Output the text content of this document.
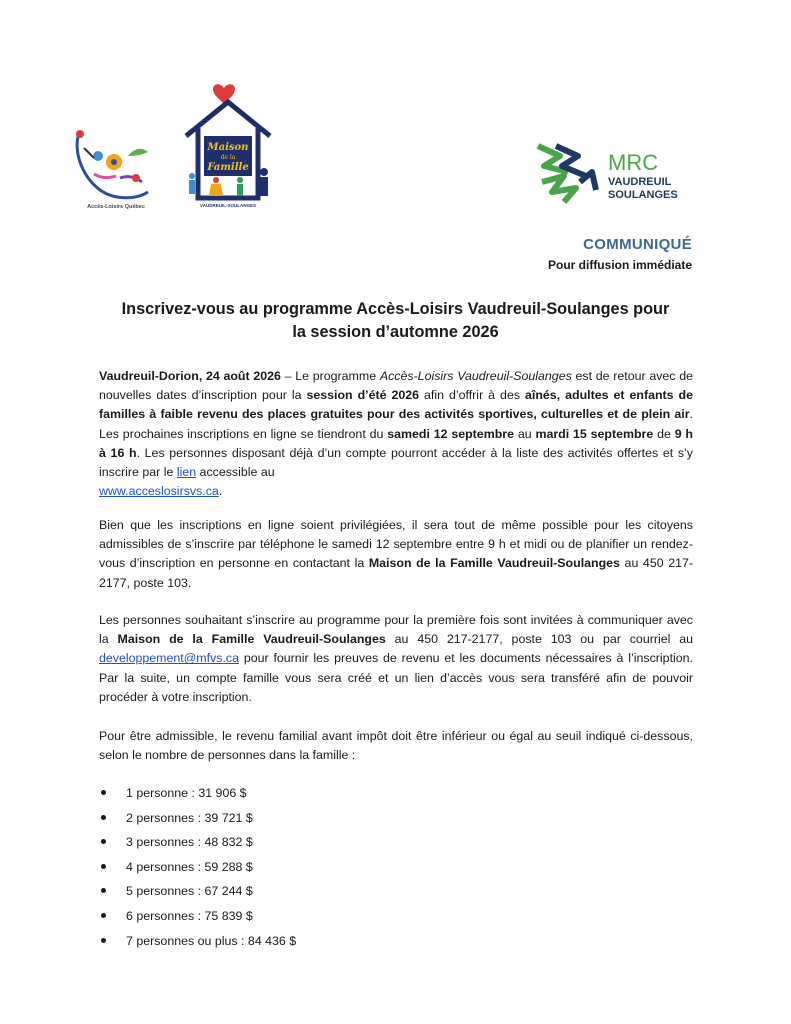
Accès-Loisirs Québec
Maison
de la
Famille
VAUDREUIL-SOULANGES
MRC
VAUDREUIL
SOULANGES
COMMUNIQUÉ
Pour diffusion immédiate
Inscrivez-vous au programme Accès-Loisirs Vaudreuil-Soulanges pour
la session d’automne 2026
Vaudreuil-Dorion, 24 août 2026 – Le programme Accès-Loisirs Vaudreuil-Soulanges est de retour avec de nouvelles dates d’inscription pour la session d’été 2026 afin d’offrir à des aînés, adultes et enfants de familles à faible revenu des places gratuites pour des activités sportives, culturelles et de plein air. Les prochaines inscriptions en ligne se tiendront du samedi 12 septembre au mardi 15 septembre de 9 h à 16 h. Les personnes disposant déjà d’un compte pourront accéder à la liste des activités offertes et s’y inscrire par le lien accessible au
www.acceslosirsvs.ca.
Bien que les inscriptions en ligne soient privilégiées, il sera tout de même possible pour les citoyens admissibles de s’inscrire par téléphone le samedi 12 septembre entre 9 h et midi ou de planifier un rendez-vous d’inscription en personne en contactant la Maison de la Famille Vaudreuil-Soulanges au 450 217-2177, poste 103.
Les personnes souhaitant s’inscrire au programme pour la première fois sont invitées à communiquer avec la Maison de la Famille Vaudreuil-Soulanges au 450 217-2177, poste 103 ou par courriel au developpement@mfvs.ca pour fournir les preuves de revenu et les documents nécessaires à l’inscription. Par la suite, un compte famille vous sera créé et un lien d’accès vous sera transféré afin de pouvoir procéder à votre inscription.
Pour être admissible, le revenu familial avant impôt doit être inférieur ou égal au seuil indiqué ci-dessous, selon le nombre de personnes dans la famille :
1 personne : 31 906 $
2 personnes : 39 721 $
3 personnes : 48 832 $
4 personnes : 59 288 $
5 personnes : 67 244 $
6 personnes : 75 839 $
7 personnes ou plus : 84 436 $
